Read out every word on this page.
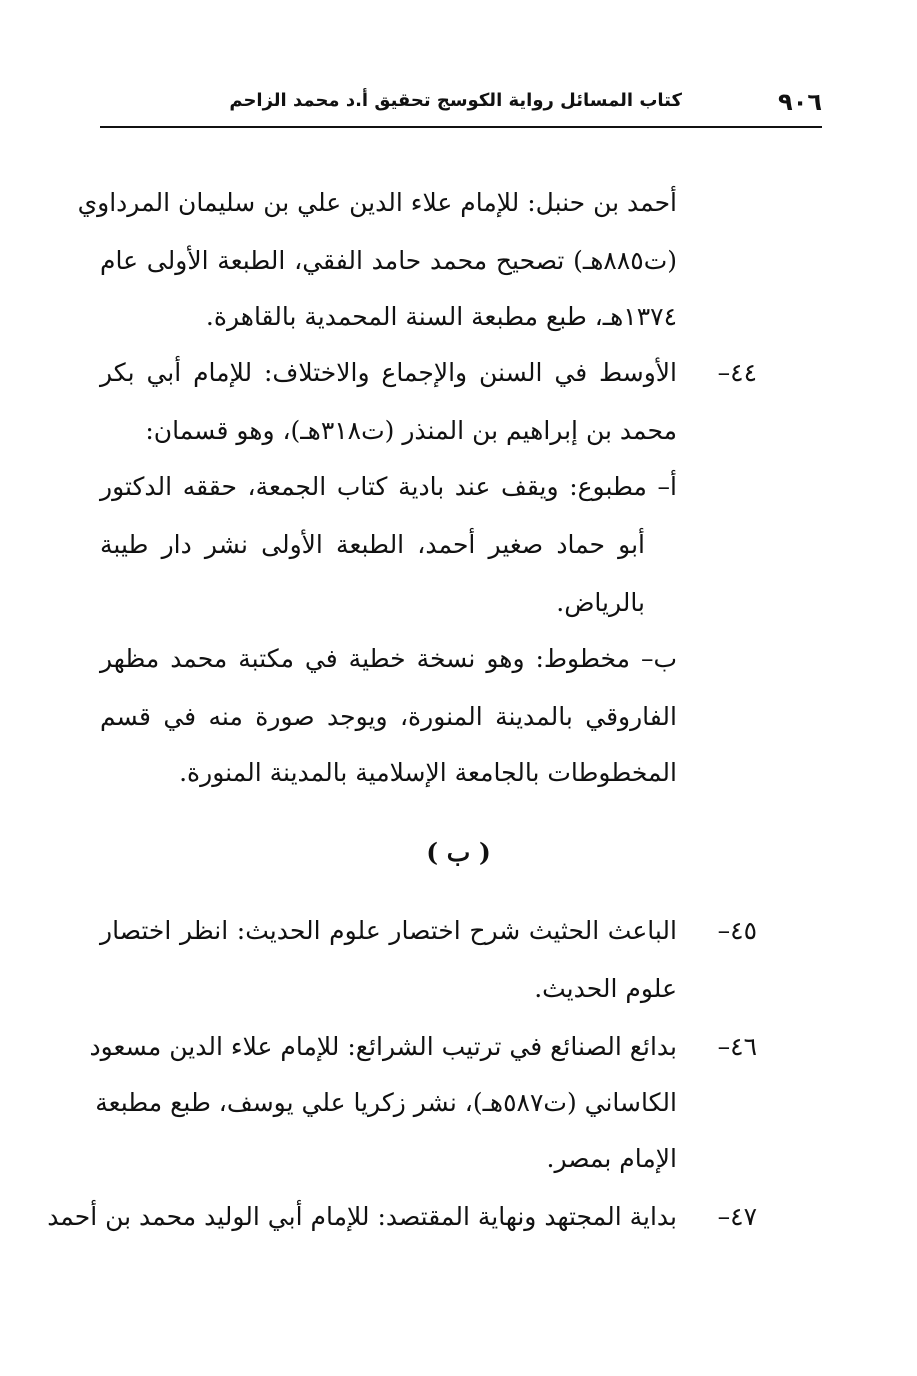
٩٠٦
كتاب المسائل رواية الكوسج تحقيق أ.د محمد الزاحم
أحمد بن حنبل: للإمام علاء الدين علي بن سليمان المرداوي
(ت٨٨٥هـ) تصحيح محمد حامد الفقي، الطبعة الأولى عام
١٣٧٤هـ، طبع مطبعة السنة المحمدية بالقاهرة.
٤٤–
الأوسط في السنن والإجماع والاختلاف: للإمام أبي بكر
محمد بن إبراهيم بن المنذر (ت٣١٨هـ)، وهو قسمان:
أ– مطبوع: ويقف عند بادية كتاب الجمعة، حققه الدكتور
أبو حماد صغير أحمد، الطبعة الأولى نشر دار طيبة
بالرياض.
ب– مخطوط: وهو نسخة خطية في مكتبة محمد مظهر
الفاروقي بالمدينة المنورة، ويوجد صورة منه في قسم
المخطوطات بالجامعة الإسلامية بالمدينة المنورة.
( ب )
٤٥–
الباعث الحثيث شرح اختصار علوم الحديث: انظر اختصار
علوم الحديث.
٤٦–
بدائع الصنائع في ترتيب الشرائع: للإمام علاء الدين مسعود
الكاساني (ت٥٨٧هـ)، نشر زكريا علي يوسف، طبع مطبعة
الإمام بمصر.
٤٧–
بداية المجتهد ونهاية المقتصد: للإمام أبي الوليد محمد بن أحمد
